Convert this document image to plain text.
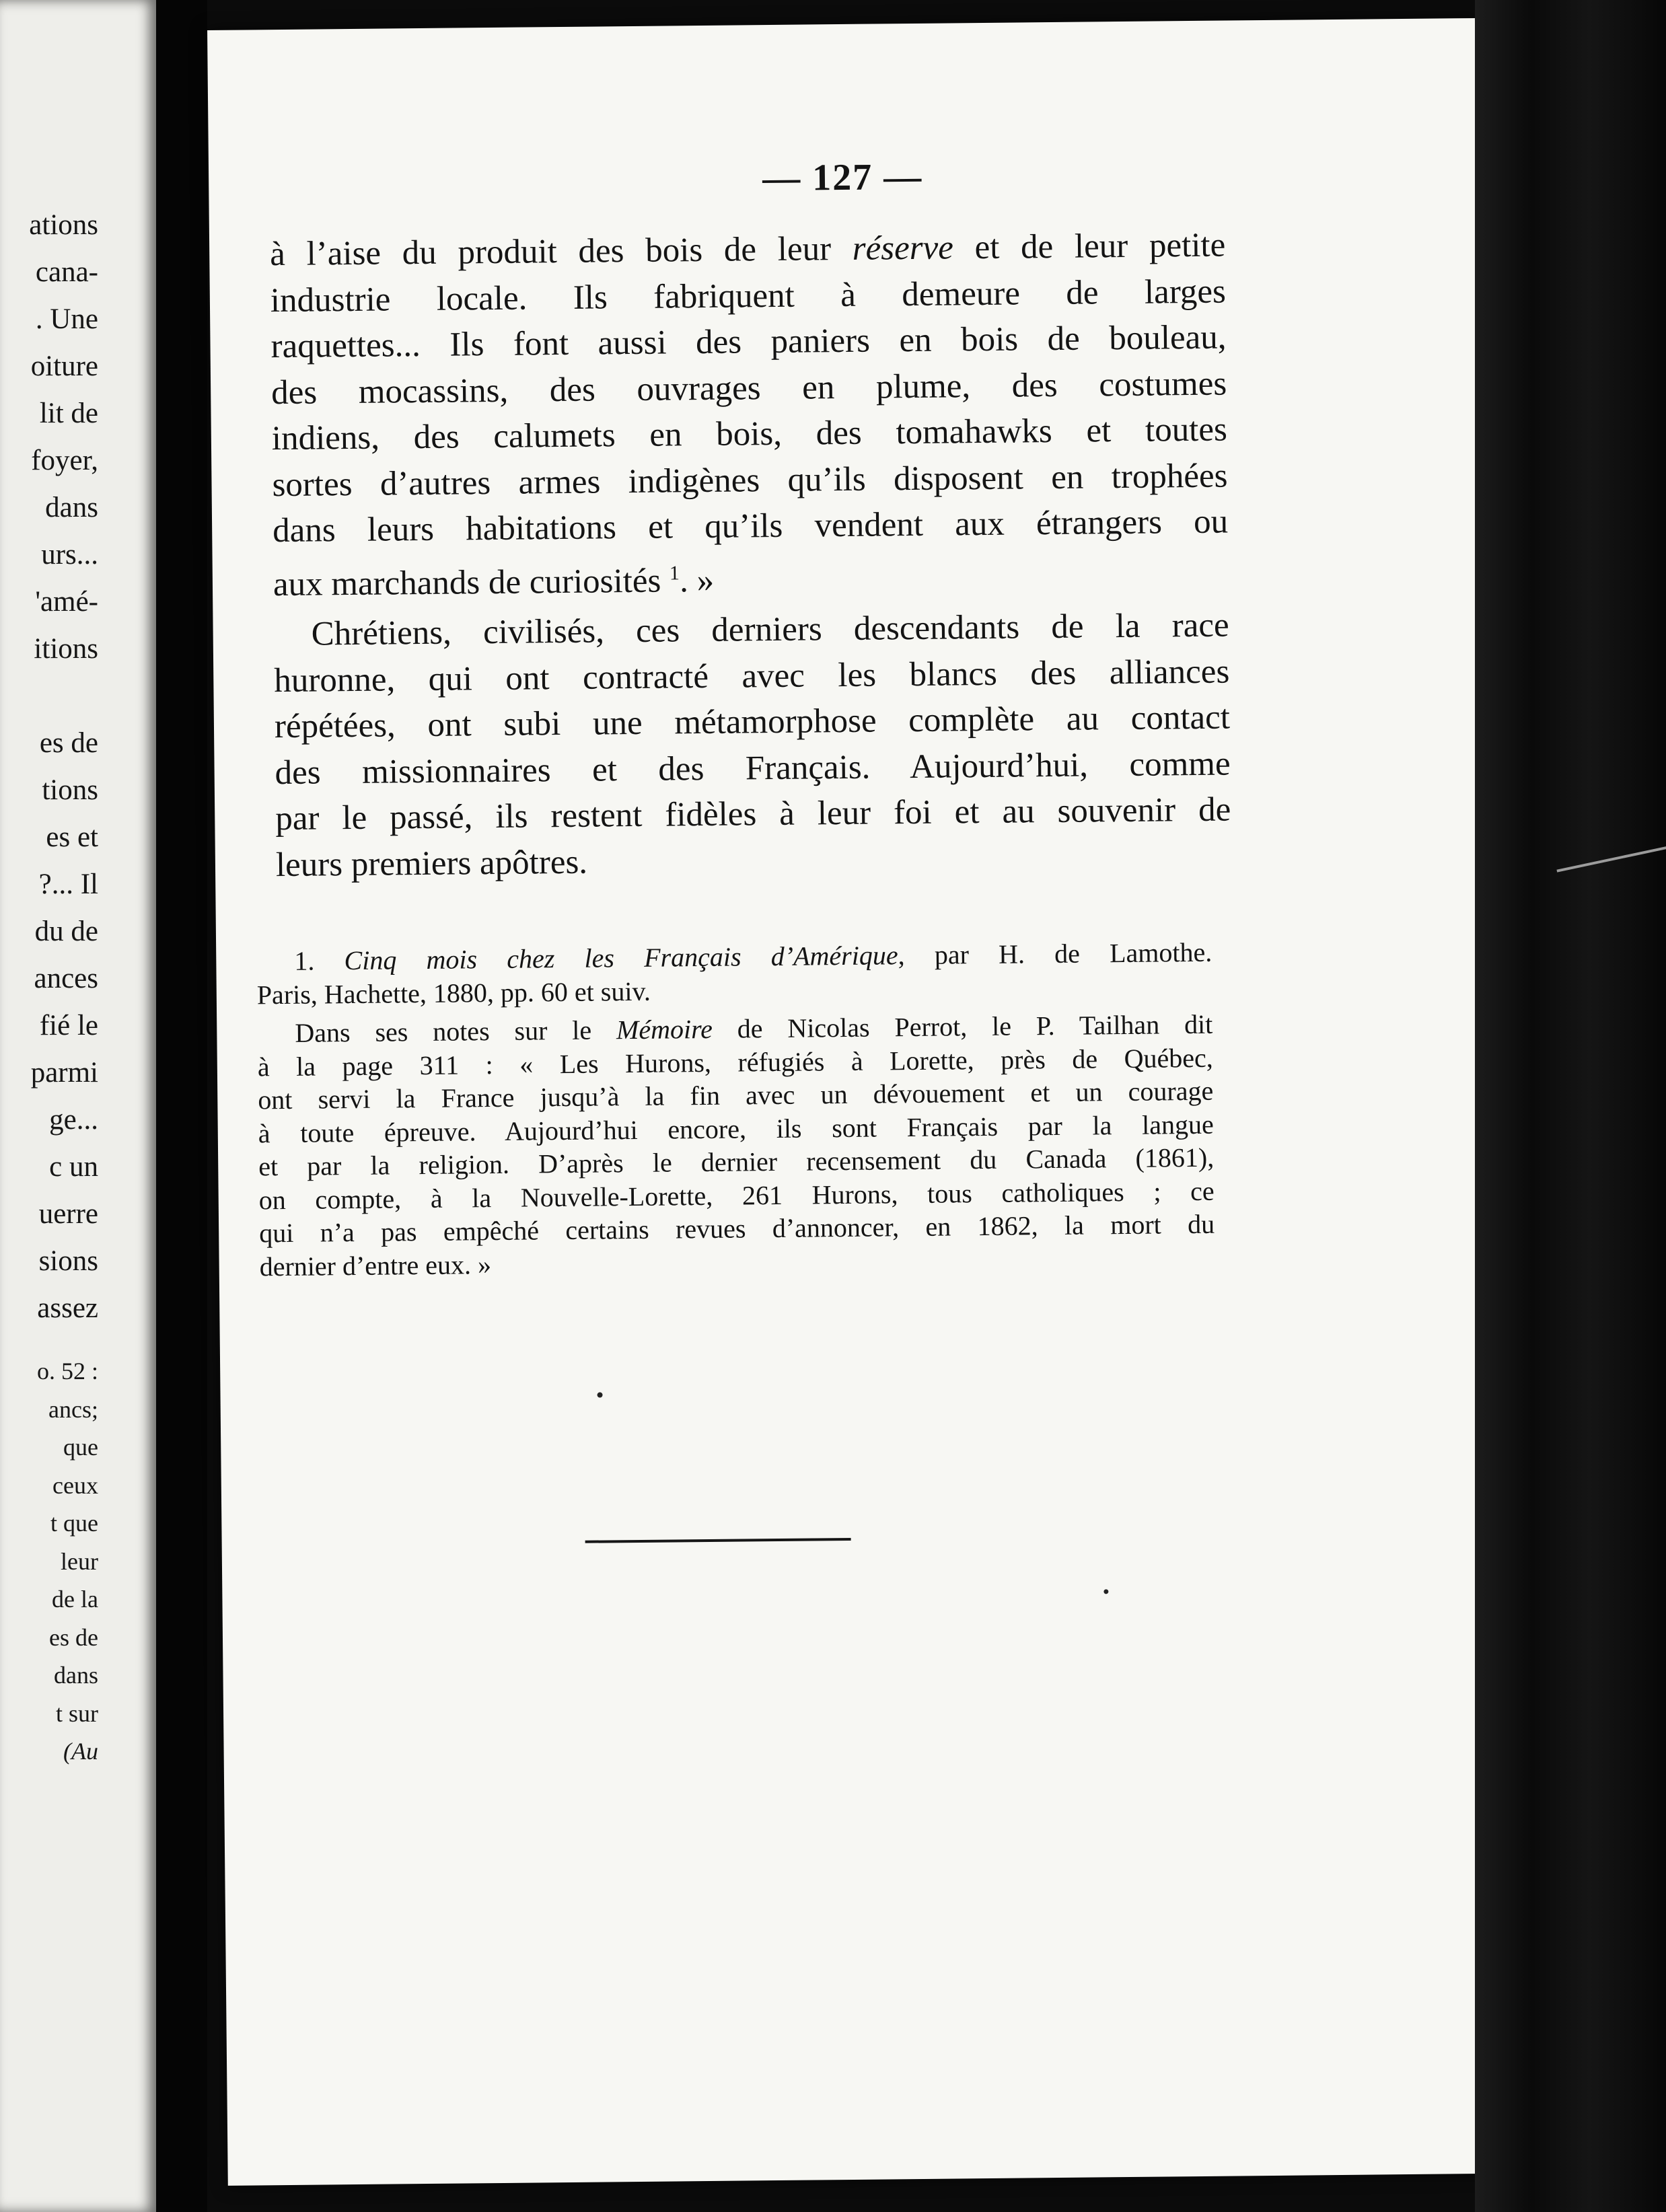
ations
cana-
. Une
oiture
lit de
foyer,
dans
urs...
'amé-
itions

es de
tions
es et
?... Il
du de
ances
fié le
parmi
ge...
c un
uerre
sions
assez
o. 52 :
ancs;
que
ceux
t que
leur
de la
es de
dans
t sur
(Au
— 127 —
à l’aise du produit des bois de leur réserve et de leur petite
industrie locale. Ils fabriquent à demeure de larges
raquettes... Ils font aussi des paniers en bois de bouleau,
des mocassins, des ouvrages en plume, des costumes
indiens, des calumets en bois, des tomahawks et toutes
sortes d’autres armes indigènes qu’ils disposent en trophées
dans leurs habitations et qu’ils vendent aux étrangers ou
aux marchands de curiosités $^1$. »
Chrétiens, civilisés, ces derniers descendants de la race
huronne, qui ont contracté avec les blancs des alliances
répétées, ont subi une métamorphose complète au contact
des missionnaires et des Français. Aujourd’hui, comme
par le passé, ils restent fidèles à leur foi et au souvenir de
leurs premiers apôtres.
1. Cinq mois chez les Français d’Amérique, par H. de Lamothe.
Paris, Hachette, 1880, pp. 60 et suiv.
Dans ses notes sur le Mémoire de Nicolas Perrot, le P. Tailhan dit
à la page 311 : « Les Hurons, réfugiés à Lorette, près de Québec,
ont servi la France jusqu’à la fin avec un dévouement et un courage
à toute épreuve. Aujourd’hui encore, ils sont Français par la langue
et par la religion. D’après le dernier recensement du Canada (1861),
on compte, à la Nouvelle-Lorette, 261 Hurons, tous catholiques ; ce
qui n’a pas empêché certains revues d’annoncer, en 1862, la mort du
dernier d’entre eux. »
